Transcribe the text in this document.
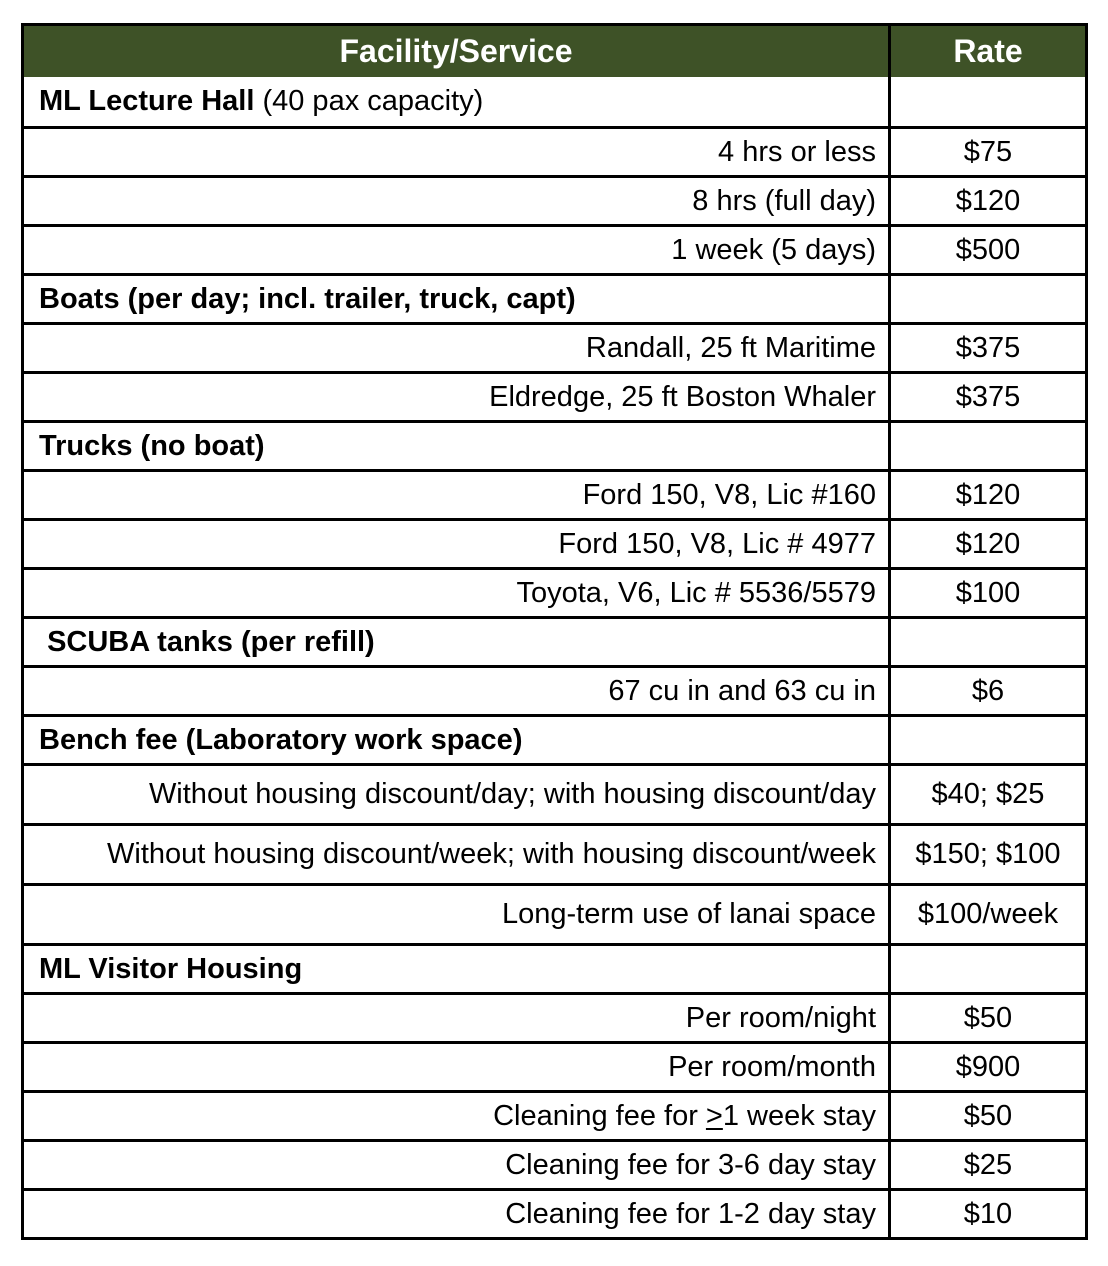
Facility/Service	Rate
ML Lecture Hall (40 pax capacity)
4 hrs or less	$75
8 hrs (full day)	$120
1 week (5 days)	$500
Boats (per day; incl. trailer, truck, capt)
Randall, 25 ft Maritime	$375
Eldredge, 25 ft Boston Whaler	$375
Trucks (no boat)
Ford 150, V8, Lic #160	$120
Ford 150, V8, Lic # 4977	$120
Toyota, V6, Lic # 5536/5579	$100
SCUBA tanks (per refill)
67 cu in and 63 cu in	$6
Bench fee (Laboratory work space)
Without housing discount/day; with housing discount/day	$40; $25
Without housing discount/week; with housing discount/week	$150; $100
Long-term use of lanai space	$100/week
ML Visitor Housing
Per room/night	$50
Per room/month	$900
Cleaning fee for >1 week stay	$50
Cleaning fee for 3-6 day stay	$25
Cleaning fee for 1-2 day stay	$10
